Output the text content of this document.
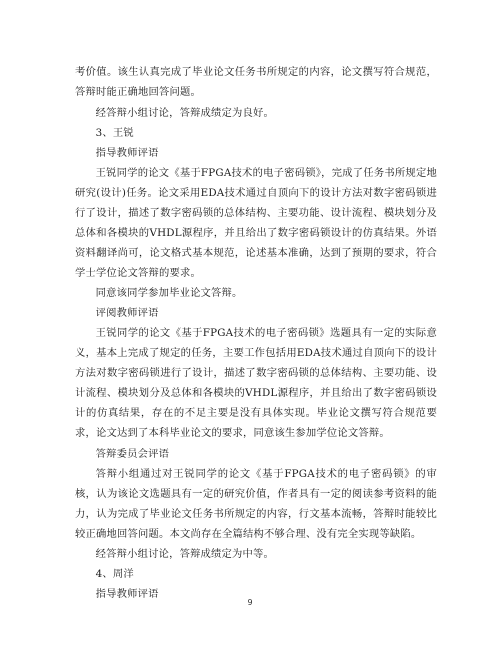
考价值。该生认真完成了毕业论文任务书所规定的内容，论文撰写符合规范，答辩时能正确地回答问题。

经答辩小组讨论，答辩成绩定为良好。

3、王锐

指导教师评语

王锐同学的论文《基于FPGA技术的电子密码锁》，完成了任务书所规定地研究(设计)任务。论文采用EDA技术通过自顶向下的设计方法对数字密码锁进行了设计，描述了数字密码锁的总体结构、主要功能、设计流程、模块划分及总体和各模块的VHDL源程序，并且给出了数字密码锁设计的仿真结果。外语资料翻译尚可，论文格式基本规范，论述基本准确，达到了预期的要求，符合学士学位论文答辩的要求。

同意该同学参加毕业论文答辩。

评阅教师评语

王锐同学的论文《基于FPGA技术的电子密码锁》选题具有一定的实际意义，基本上完成了规定的任务，主要工作包括用EDA技术通过自顶向下的设计方法对数字密码锁进行了设计，描述了数字密码锁的总体结构、主要功能、设计流程、模块划分及总体和各模块的VHDL源程序，并且给出了数字密码锁设计的仿真结果，存在的不足主要是没有具体实现。毕业论文撰写符合规范要求，论文达到了本科毕业论文的要求，同意该生参加学位论文答辩。

答辩委员会评语

答辩小组通过对王锐同学的论文《基于FPGA技术的电子密码锁》的审核，认为该论文选题具有一定的研究价值，作者具有一定的阅读参考资料的能力，认为完成了毕业论文任务书所规定的内容，行文基本流畅，答辩时能较比较正确地回答问题。本文尚存在全篇结构不够合理、没有完全实现等缺陷。

经答辩小组讨论，答辩成绩定为中等。

4、周洋

指导教师评语

9
